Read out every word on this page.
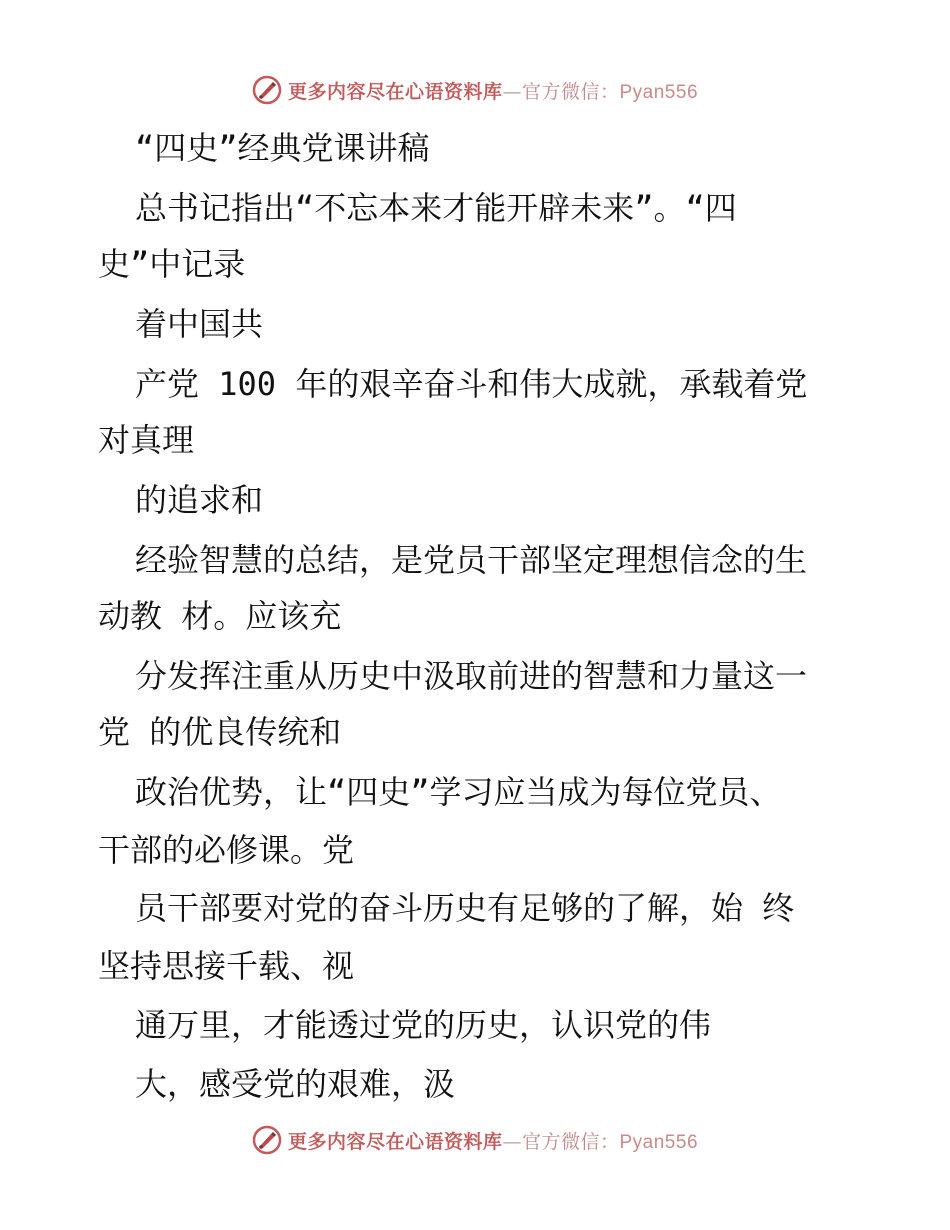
更多内容尽在心语资料库—官方微信：Pyan556
“四史”经典党课讲稿
总书记指出“不忘本来才能开辟未来”。“四
史”中记录
着中国共
产党 100 年的艰辛奋斗和伟大成就，承载着党
对真理
的追求和
经验智慧的总结，是党员干部坚定理想信念的生
动教 材。应该充
分发挥注重从历史中汲取前进的智慧和力量这一
党 的优良传统和
政治优势，让“四史”学习应当成为每位党员、
干部的必修课。党
员干部要对党的奋斗历史有足够的了解，始 终
坚持思接千载、视
通万里，才能透过党的历史，认识党的伟
大，感受党的艰难，汲
更多内容尽在心语资料库—官方微信：Pyan556
